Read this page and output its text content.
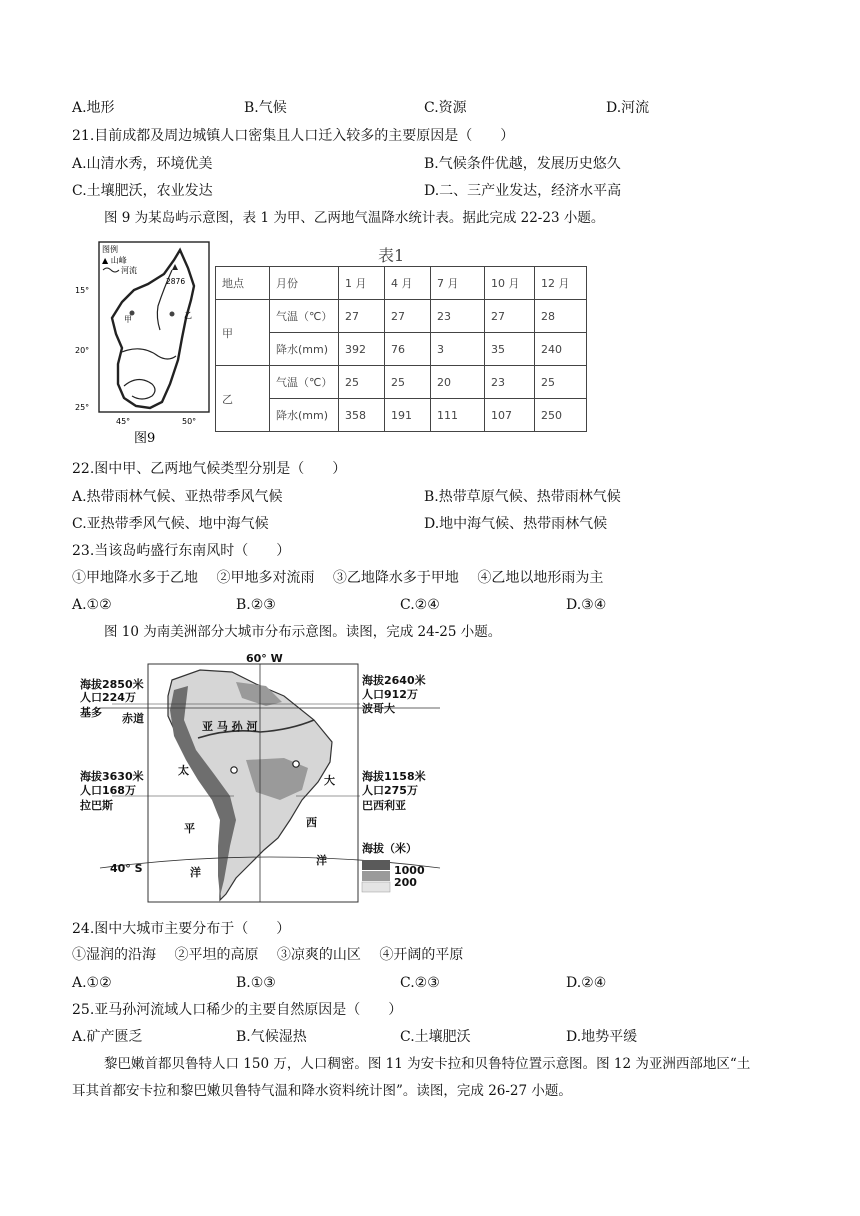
A.地形	B.气候	C.资源	D.河流
21.目前成都及周边城镇人口密集且人口迁入较多的主要原因是（　　）
A.山清水秀，环境优美	B.气候条件优越，发展历史悠久
C.土壤肥沃，农业发达	D.二、三产业发达，经济水平高
图 9 为某岛屿示意图，表 1 为甲、乙两地气温降水统计表。据此完成 22-23 小题。
图例
▲ 山峰
河流
2876
甲	乙
15°
20°
25°
45°	50°
图9
表1
地点	月份	1 月	4 月	7 月	10 月	12 月
甲	气温（℃）	27	27	23	27	28
	降水(mm)	392	76	3	35	240
乙	气温（℃）	25	25	20	23	25
	降水(mm)	358	191	111	107	250
22.图中甲、乙两地气候类型分别是（　　）
A.热带雨林气候、亚热带季风气候	B.热带草原气候、热带雨林气候
C.亚热带季风气候、地中海气候	D.地中海气候、热带雨林气候
23.当该岛屿盛行东南风时（　　）
①甲地降水多于乙地　 ②甲地多对流雨　 ③乙地降水多于甲地　 ④乙地以地形雨为主
A.①②	B.②③	C.②④	D.③④
图 10 为南美洲部分大城市分布示意图。读图，完成 24-25 小题。
60° W
赤道
40° S
亚 马 孙 河
太
平
洋
大
西
洋
海拔2850米
人口224万
基多
海拔2640米
人口912万
波哥大
海拔3630米
人口168万
拉巴斯
海拔1158米
人口275万
巴西利亚
海拔（米）
1000
200
24.图中大城市主要分布于（　　）
①湿润的沿海　 ②平坦的高原　 ③凉爽的山区　 ④开阔的平原
A.①②	B.①③	C.②③	D.②④
25.亚马孙河流域人口稀少的主要自然原因是（　　）
A.矿产匮乏	B.气候湿热	C.土壤肥沃	D.地势平缓
黎巴嫩首都贝鲁特人口 150 万，人口稠密。图 11 为安卡拉和贝鲁特位置示意图。图 12 为亚洲西部地区“土
耳其首都安卡拉和黎巴嫩贝鲁特气温和降水资料统计图”。读图，完成 26-27 小题。
